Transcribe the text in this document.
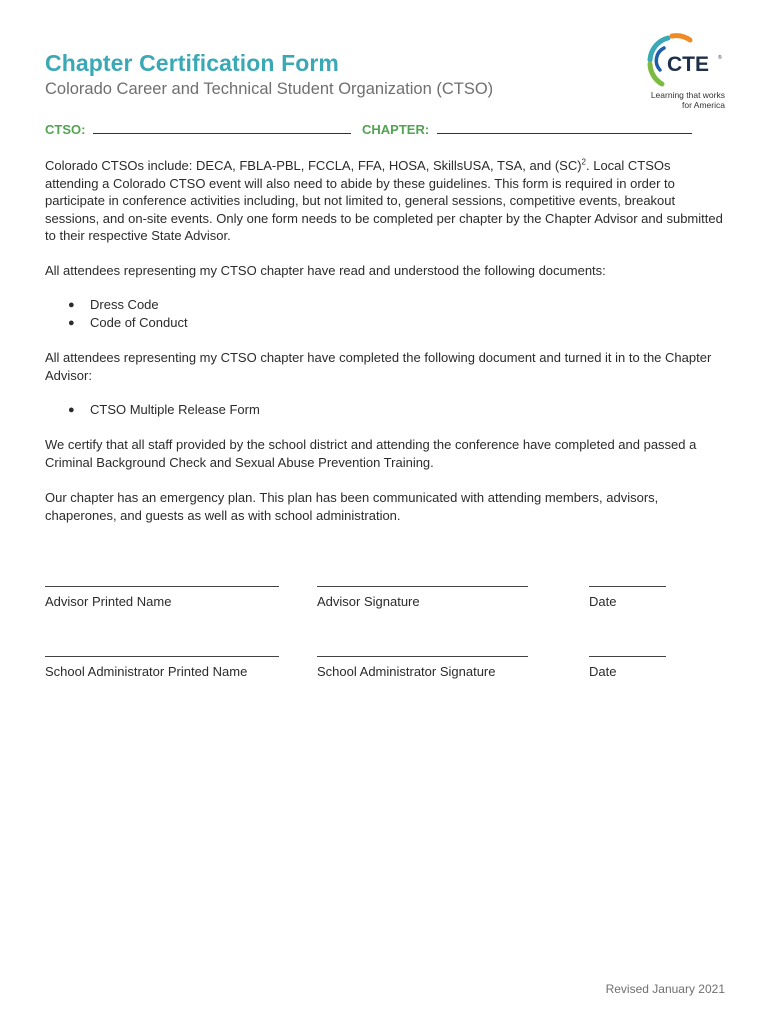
Chapter Certification Form
Colorado Career and Technical Student Organization (CTSO)
CTE ®
Learning that works for America
CTSO:	CHAPTER:
Colorado CTSOs include: DECA, FBLA-PBL, FCCLA, FFA, HOSA, SkillsUSA, TSA, and (SC)$^2$. Local CTSOs attending a Colorado CTSO event will also need to abide by these guidelines. This form is required in order to participate in conference activities including, but not limited to, general sessions, competitive events, breakout sessions, and on-site events. Only one form needs to be completed per chapter by the Chapter Advisor and submitted to their respective State Advisor.
All attendees representing my CTSO chapter have read and understood the following documents:
● Dress Code
● Code of Conduct
All attendees representing my CTSO chapter have completed the following document and turned it in to the Chapter Advisor:
● CTSO Multiple Release Form
We certify that all staff provided by the school district and attending the conference have completed and passed a Criminal Background Check and Sexual Abuse Prevention Training.
Our chapter has an emergency plan. This plan has been communicated with attending members, advisors, chaperones, and guests as well as with school administration.
Advisor Printed Name	Advisor Signature	Date
School Administrator Printed Name	School Administrator Signature	Date
Revised January 2021
